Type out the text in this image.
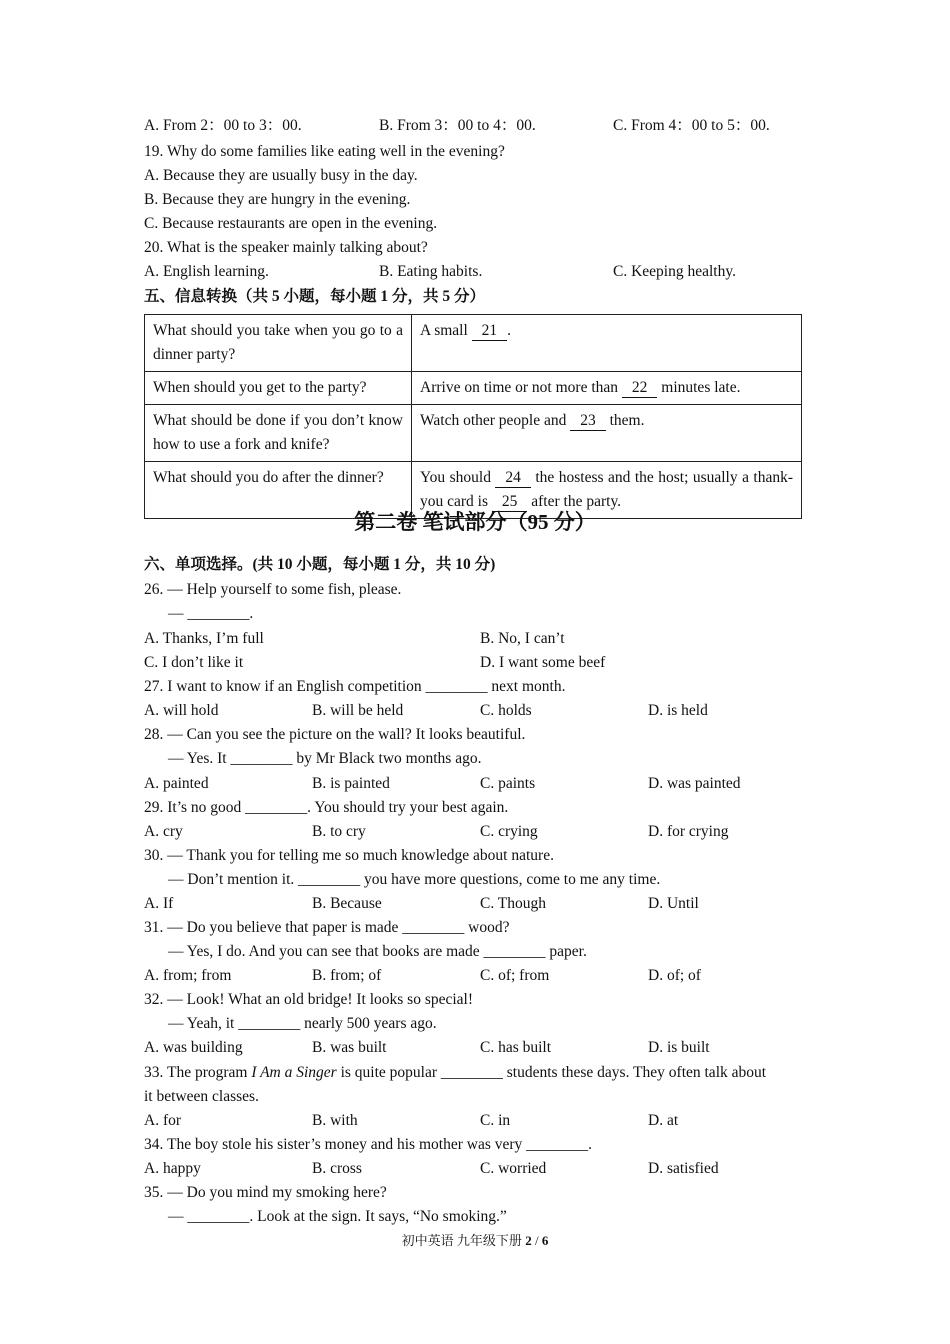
A. From 2：00 to 3：00.	B. From 3：00 to 4：00.	C. From 4：00 to 5：00.
19. Why do some families like eating well in the evening?
A. Because they are usually busy in the day.
B. Because they are hungry in the evening.
C. Because restaurants are open in the evening.
20. What is the speaker mainly talking about?
A. English learning.	B. Eating habits.	C. Keeping healthy.
五、信息转换（共 5 小题，每小题 1 分，共 5 分）
What should you take when you go to a dinner party?	A small 21 .
When should you get to the party?	Arrive on time or not more than 22 minutes late.
What should be done if you don’t know how to use a fork and knife?	Watch other people and 23 them.
What should you do after the dinner?	You should 24 the hostess and the host; usually a thank-you card is 25 after the party.
第二卷 笔试部分（95 分）
六、单项选择。(共 10 小题，每小题 1 分，共 10 分)
26. — Help yourself to some fish, please.
— ________.
A. Thanks, I’m full	B. No, I can’t
C. I don’t like it	D. I want some beef
27. I want to know if an English competition ________ next month.
A. will hold	B. will be held	C. holds	D. is held
28. — Can you see the picture on the wall? It looks beautiful.
— Yes. It ________ by Mr Black two months ago.
A. painted	B. is painted	C. paints	D. was painted
29. It’s no good ________. You should try your best again.
A. cry	B. to cry	C. crying	D. for crying
30. — Thank you for telling me so much knowledge about nature.
— Don’t mention it. ________ you have more questions, come to me any time.
A. If	B. Because	C. Though	D. Until
31. — Do you believe that paper is made ________ wood?
— Yes, I do. And you can see that books are made ________ paper.
A. from; from	B. from; of	C. of; from	D. of; of
32. — Look! What an old bridge! It looks so special!
— Yeah, it ________ nearly 500 years ago.
A. was building	B. was built	C. has built	D. is built
33. The program I Am a Singer is quite popular ________ students these days. They often talk about
it between classes.
A. for	B. with	C. in	D. at
34. The boy stole his sister’s money and his mother was very ________.
A. happy	B. cross	C. worried	D. satisfied
35. — Do you mind my smoking here?
— ________. Look at the sign. It says, “No smoking.”
初中英语 九年级下册 2 / 6
